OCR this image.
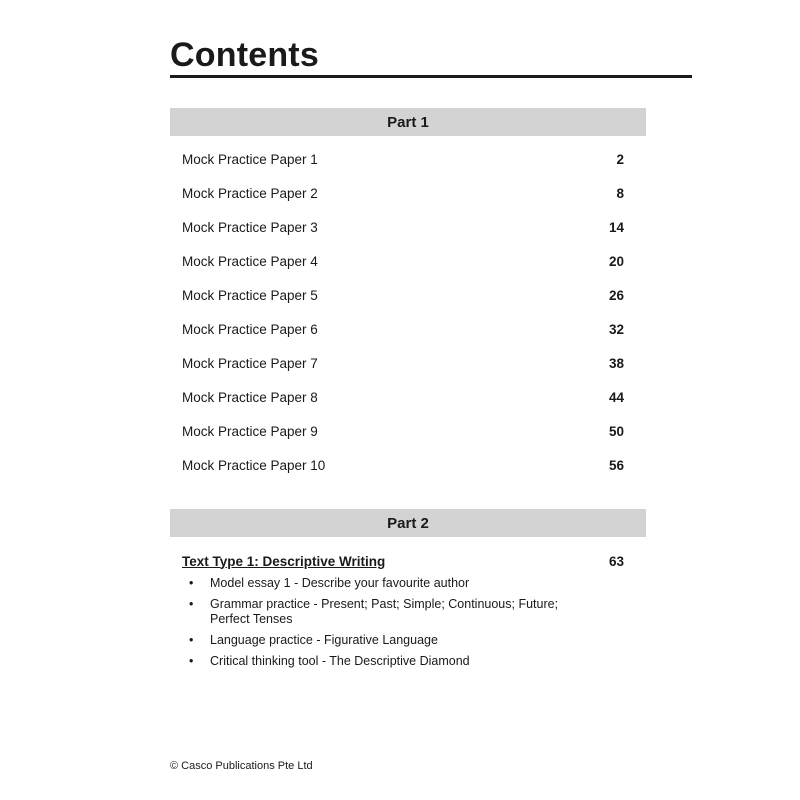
Contents
Part 1
Mock Practice Paper 1	2
Mock Practice Paper 2	8
Mock Practice Paper 3	14
Mock Practice Paper 4	20
Mock Practice Paper 5	26
Mock Practice Paper 6	32
Mock Practice Paper 7	38
Mock Practice Paper 8	44
Mock Practice Paper 9	50
Mock Practice Paper 10	56
Part 2
Text Type 1: Descriptive Writing	63
• Model essay 1 - Describe your favourite author
• Grammar practice - Present; Past; Simple; Continuous; Future; Perfect Tenses
• Language practice - Figurative Language
• Critical thinking tool - The Descriptive Diamond
© Casco Publications Pte Ltd
